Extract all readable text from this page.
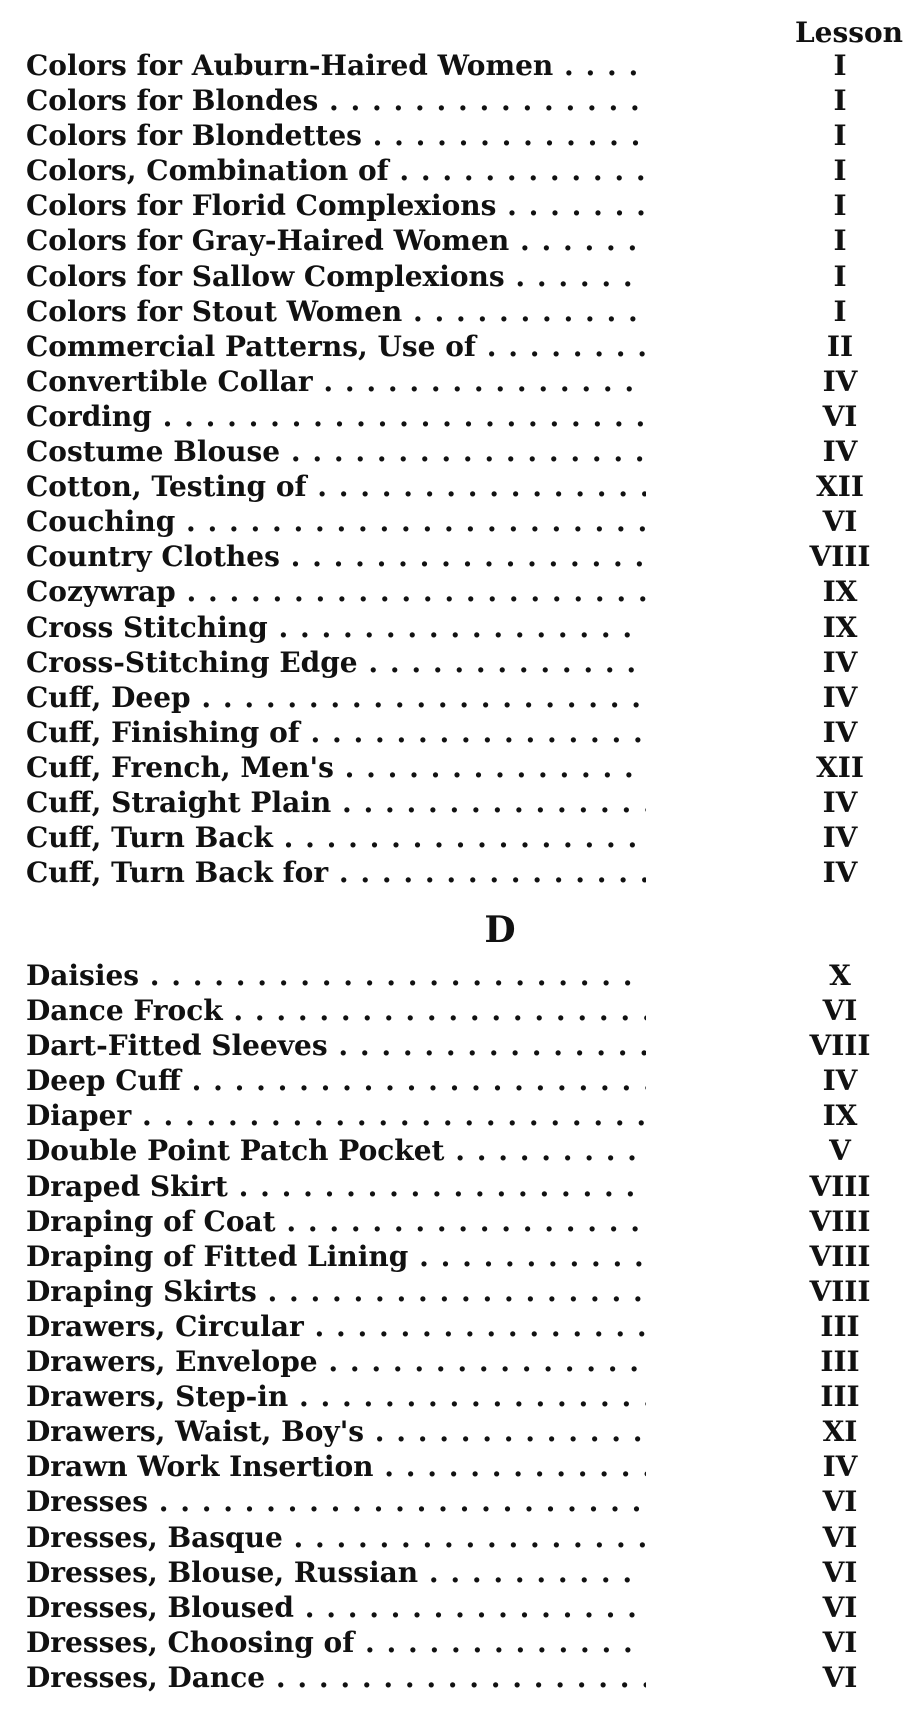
Lesson
Colors for Auburn-Haired Women . . .	I
Colors for Blondes . . .	I
Colors for Blondettes . . .	I
Colors, Combination of . . .	I
Colors for Florid Complexions . . .	I
Colors for Gray-Haired Women . . .	I
Colors for Sallow Complexions . . .	I
Colors for Stout Women . . .	I
Commercial Patterns, Use of . . .	II
Convertible Collar . . .	IV
Cording . . .	VI
Costume Blouse . . .	IV
Cotton, Testing of . . .	XII
Couching . . .	VI
Country Clothes . . .	VIII
Cozywrap . . .	IX
Cross Stitching . . .	IX
Cross-Stitching Edge . . .	IV
Cuff, Deep . . .	IV
Cuff, Finishing of . . .	IV
Cuff, French, Men's . . .	XII
Cuff, Straight Plain . . .	IV
Cuff, Turn Back . . .	IV
Cuff, Turn Back for . . .	IV
D
Daisies . . .	X
Dance Frock . . .	VI
Dart-Fitted Sleeves . . .	VIII
Deep Cuff . . .	IV
Diaper . . .	IX
Double Point Patch Pocket . . .	V
Draped Skirt . . .	VIII
Draping of Coat . . .	VIII
Draping of Fitted Lining . . .	VIII
Draping Skirts . . .	VIII
Drawers, Circular . . .	III
Drawers, Envelope . . .	III
Drawers, Step-in . . .	III
Drawers, Waist, Boy's . . .	XI
Drawn Work Insertion . . .	IV
Dresses . . .	VI
Dresses, Basque . . .	VI
Dresses, Blouse, Russian . . .	VI
Dresses, Bloused . . .	VI
Dresses, Choosing of . . .	VI
Dresses, Dance . . .	VI
